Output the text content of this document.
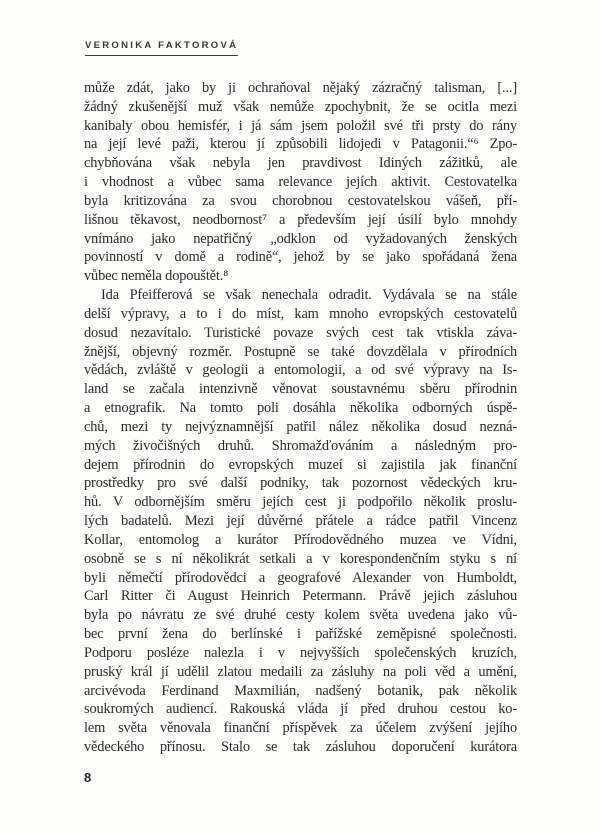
VERONIKA FAKTOROVÁ
může zdát, jako by ji ochraňoval nějaký zázračný talisman, [...]
žádný zkušenější muž však nemůže zpochybnit, že se ocitla mezi
kanibaly obou hemisfér, i já sám jsem položil své tři prsty do rány
na její levé paži, kterou jí způsobili lidojedi v Patagonii.“⁶ Zpo-
chybňována však nebyla jen pravdivost Idiných zážitků, ale
i vhodnost a vůbec sama relevance jejích aktivit. Cestovatelka
byla kritizována za svou chorobnou cestovatelskou vášeň, pří-
lišnou těkavost, neodbornost⁷ a především její úsilí bylo mnohdy
vnímáno jako nepatřičný „odklon od vyžadovaných ženských
povinností v domě a rodině“, jehož by se jako spořádaná žena
vůbec neměla dopouštět.⁸
Ida Pfeifferová se však nenechala odradit. Vydávala se na stále
delší výpravy, a to i do míst, kam mnoho evropských cestovatelů
dosud nezavítalo. Turistické povaze svých cest tak vtiskla záva-
žnější, objevný rozměr. Postupně se také dovzdělala v přírodních
vědách, zvláště v geologii a entomologii, a od své výpravy na Is-
land se začala intenzivně věnovat soustavnému sběru přírodnin
a etnografik. Na tomto poli dosáhla několika odborných úspě-
chů, mezi ty nejvýznamnější patřil nález několika dosud nezná-
mých živočišných druhů. Shromažďováním a následným pro-
dejem přírodnin do evropských muzeí si zajistila jak finanční
prostředky pro své další podniky, tak pozornost vědeckých kru-
hů. V odbornějším směru jejích cest ji podpořilo několik proslu-
lých badatelů. Mezi její důvěrné přátele a rádce patřil Vincenz
Kollar, entomolog a kurátor Přírodovědného muzea ve Vídni,
osobně se s ní několikrát setkali a v korespondenčním styku s ní
byli němečtí přírodovědci a geografové Alexander von Humboldt,
Carl Ritter či August Heinrich Petermann. Právě jejich zásluhou
byla po návratu ze své druhé cesty kolem světa uvedena jako vů-
bec první žena do berlínské i pařížské zeměpisné společnosti.
Podporu posléze nalezla i v nejvyšších společenských kruzích,
pruský král jí udělil zlatou medaili za zásluhy na poli věd a umění,
arcivévoda Ferdinand Maxmilián, nadšený botanik, pak několik
soukromých audiencí. Rakouská vláda jí před druhou cestou ko-
lem světa věnovala finanční příspěvek za účelem zvýšení jejího
vědeckého přínosu. Stalo se tak zásluhou doporučení kurátora
8
